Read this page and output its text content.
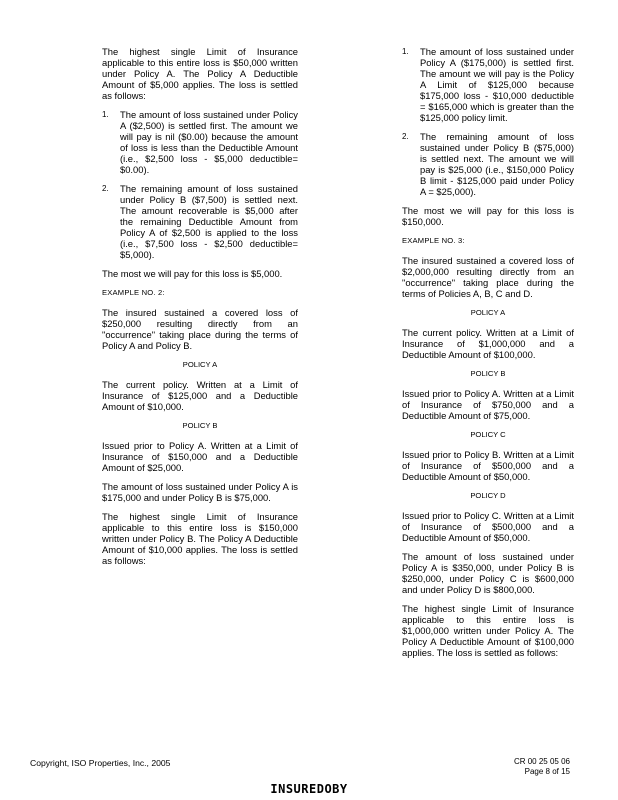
The highest single Limit of Insurance applicable to this entire loss is $50,000 written under Policy A. The Policy A Deductible Amount of $5,000 applies. The loss is settled as follows:

1. The amount of loss sustained under Policy A ($2,500) is settled first. The amount we will pay is nil ($0.00) because the amount of loss is less than the Deductible Amount (i.e., $2,500 loss - $5,000 deductible= $0.00).
2. The remaining amount of loss sustained under Policy B ($7,500) is settled next. The amount recoverable is $5,000 after the remaining Deductible Amount from Policy A of $2,500 is applied to the loss (i.e., $7,500 loss - $2,500 deductible= $5,000).

The most we will pay for this loss is $5,000.

EXAMPLE NO. 2:

The insured sustained a covered loss of $250,000 resulting directly from an "occurrence" taking place during the terms of Policy A and Policy B.

POLICY A

The current policy. Written at a Limit of Insurance of $125,000 and a Deductible Amount of $10,000.

POLICY B

Issued prior to Policy A. Written at a Limit of Insurance of $150,000 and a Deductible Amount of $25,000.

The amount of loss sustained under Policy A is $175,000 and under Policy B is $75,000.

The highest single Limit of Insurance applicable to this entire loss is $150,000 written under Policy B. The Policy A Deductible Amount of $10,000 applies. The loss is settled as follows:

1. The amount of loss sustained under Policy A ($175,000) is settled first. The amount we will pay is the Policy A Limit of $125,000 because $175,000 loss - $10,000 deductible = $165,000 which is greater than the $125,000 policy limit.
2. The remaining amount of loss sustained under Policy B ($75,000) is settled next. The amount we will pay is $25,000 (i.e., $150,000 Policy B limit - $125,000 paid under Policy A = $25,000).

The most we will pay for this loss is $150,000.

EXAMPLE NO. 3:

The insured sustained a covered loss of $2,000,000 resulting directly from an "occurrence" taking place during the terms of Policies A, B, C and D.

POLICY A

The current policy. Written at a Limit of Insurance of $1,000,000 and a Deductible Amount of $100,000.

POLICY B

Issued prior to Policy A. Written at a Limit of Insurance of $750,000 and a Deductible Amount of $75,000.

POLICY C

Issued prior to Policy B. Written at a Limit of Insurance of $500,000 and a Deductible Amount of $50,000.

POLICY D

Issued prior to Policy C. Written at a Limit of Insurance of $500,000 and a Deductible Amount of $50,000.

The amount of loss sustained under Policy A is $350,000, under Policy B is $250,000, under Policy C is $600,000 and under Policy D is $800,000.

The highest single Limit of Insurance applicable to this entire loss is $1,000,000 written under Policy A. The Policy A Deductible Amount of $100,000 applies. The loss is settled as follows:

Copyright, ISO Properties, Inc., 2005	CR 00 25 05 06
Page 8 of 15
INSUREDOBY
